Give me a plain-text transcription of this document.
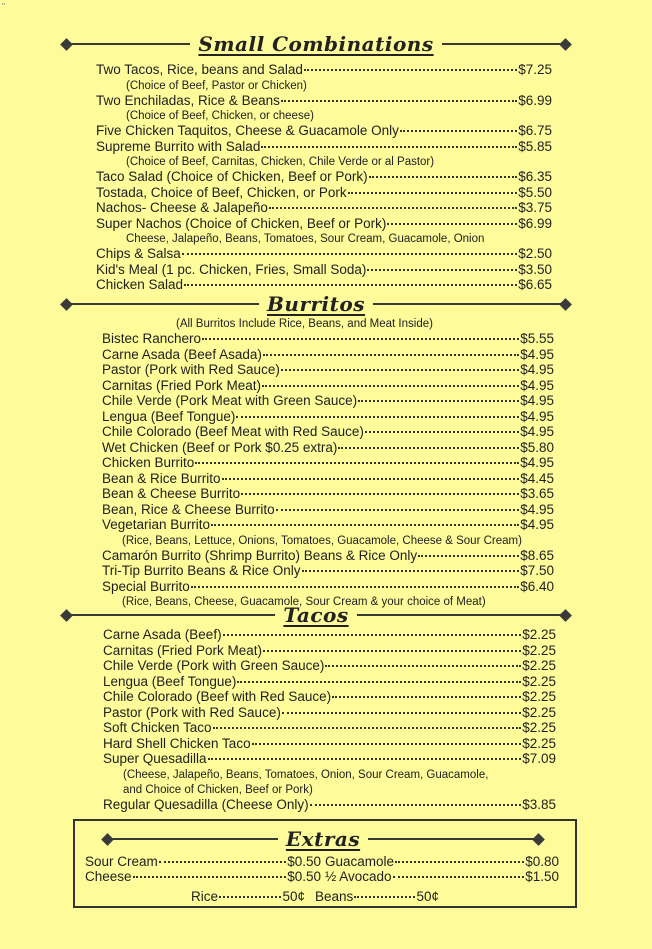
''
Small Combinations
Two Tacos, Rice, beans and Salad	$7.25
(Choice of Beef, Pastor or Chicken)
Two Enchiladas, Rice & Beans	$6.99
(Choice of Beef, Chicken, or cheese)
Five Chicken Taquitos, Cheese & Guacamole Only	$6.75
Supreme Burrito with Salad	$5.85
(Choice of Beef, Carnitas, Chicken, Chile Verde or al Pastor)
Taco Salad (Choice of Chicken, Beef or Pork)	$6.35
Tostada, Choice of Beef, Chicken, or Pork	$5.50
Nachos- Cheese & Jalapeño	$3.75
Super Nachos (Choice of Chicken, Beef or Pork)	$6.99
Cheese, Jalapeño, Beans, Tomatoes, Sour Cream, Guacamole, Onion
Chips & Salsa	$2.50
Kid's Meal (1 pc. Chicken, Fries, Small Soda)	$3.50
Chicken Salad	$6.65
Burritos
(All Burritos Include Rice, Beans, and Meat Inside)
Bistec Ranchero	$5.55
Carne Asada (Beef Asada)	$4.95
Pastor (Pork with Red Sauce)	$4.95
Carnitas (Fried Pork Meat)	$4.95
Chile Verde (Pork Meat with Green Sauce)	$4.95
Lengua (Beef Tongue)	$4.95
Chile Colorado (Beef Meat with Red Sauce)	$4.95
Wet Chicken (Beef or Pork $0.25 extra)	$5.80
Chicken Burrito	$4.95
Bean & Rice Burrito	$4.45
Bean & Cheese Burrito	$3.65
Bean, Rice & Cheese Burrito	$4.95
Vegetarian Burrito	$4.95
(Rice, Beans, Lettuce, Onions, Tomatoes, Guacamole, Cheese & Sour Cream)
Camarón Burrito (Shrimp Burrito) Beans & Rice Only	$8.65
Tri-Tip Burrito Beans & Rice Only	$7.50
Special Burrito	$6.40
(Rice, Beans, Cheese, Guacamole, Sour Cream & your choice of Meat)
Tacos
Carne Asada (Beef)	$2.25
Carnitas (Fried Pork Meat)	$2.25
Chile Verde (Pork with Green Sauce)	$2.25
Lengua (Beef Tongue)	$2.25
Chile Colorado (Beef with Red Sauce)	$2.25
Pastor (Pork with Red Sauce)	$2.25
Soft Chicken Taco	$2.25
Hard Shell Chicken Taco	$2.25
Super Quesadilla	$7.09
(Cheese, Jalapeño, Beans, Tomatoes, Onion, Sour Cream, Guacamole,
and Choice of Chicken, Beef or Pork)
Regular Quesadilla (Cheese Only)	$3.85
Extras
Sour Cream	$0.50
Cheese	$0.50
Guacamole	$0.80
½ Avocado	$1.50
Rice	50¢ Beans	50¢
